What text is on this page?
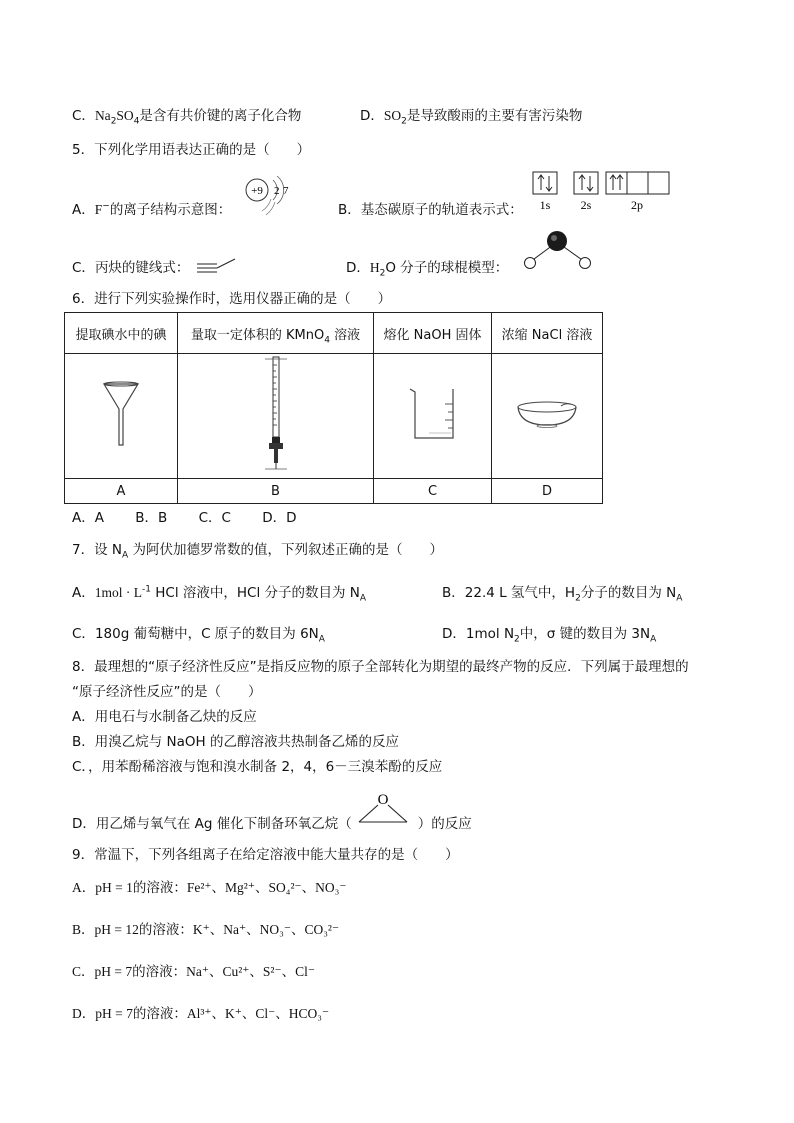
C．$Na_2SO_4$是含有共价键的离子化合物	D．$SO_2$是导致酸雨的主要有害污染物
5．下列化学用语表达正确的是（　　）
A．F−的离子结构示意图：
+9 2 7
B．基态碳原子的轨道表示式： 1s	2s	2p
C．丙炔的键线式：	D．$H_2O$ 分子的球棍模型：
6．进行下列实验操作时，选用仪器正确的是（　　）
提取碘水中的碘	量取一定体积的 KMnO$_4$ 溶液	熔化 NaOH 固体	浓缩 NaCl 溶液

A	B	C	D
A．A　　 B．B　　 C．C　　 D．D
7．设 $N_A$ 为阿伏加德罗常数的值，下列叙述正确的是（　　）
A．$1mol \cdot L^{-1}$ HCl 溶液中，HCl 分子的数目为 $N_A$	B．22.4 L 氢气中，$H_2$分子的数目为 $N_A$
C．180g 葡萄糖中，C 原子的数目为 $6N_A$	D．1mol $N_2$中，σ 键的数目为 $3N_A$
8．最理想的“原子经济性反应”是指反应物的原子全部转化为期望的最终产物的反应．下列属于最理想的
“原子经济性反应”的是（　　）
A．用电石与水制备乙炔的反应
B．用溴乙烷与 NaOH 的乙醇溶液共热制备乙烯的反应
C．，用苯酚稀溶液与饱和溴水制备 2，4，6－三溴苯酚的反应
D．用乙烯与氧气在 Ag 催化下制备环氧乙烷（	）的反应
O
9．常温下，下列各组离子在给定溶液中能大量共存的是（　　）
A．pH = 1的溶液：Fe²⁺、Mg²⁺、SO₄²⁻、NO₃⁻
B．pH = 12的溶液：K⁺、Na⁺、NO₃⁻、CO₃²⁻
C．pH = 7的溶液：Na⁺、Cu²⁺、S²⁻、Cl⁻
D．pH = 7的溶液：Al³⁺、K⁺、Cl⁻、HCO₃⁻
